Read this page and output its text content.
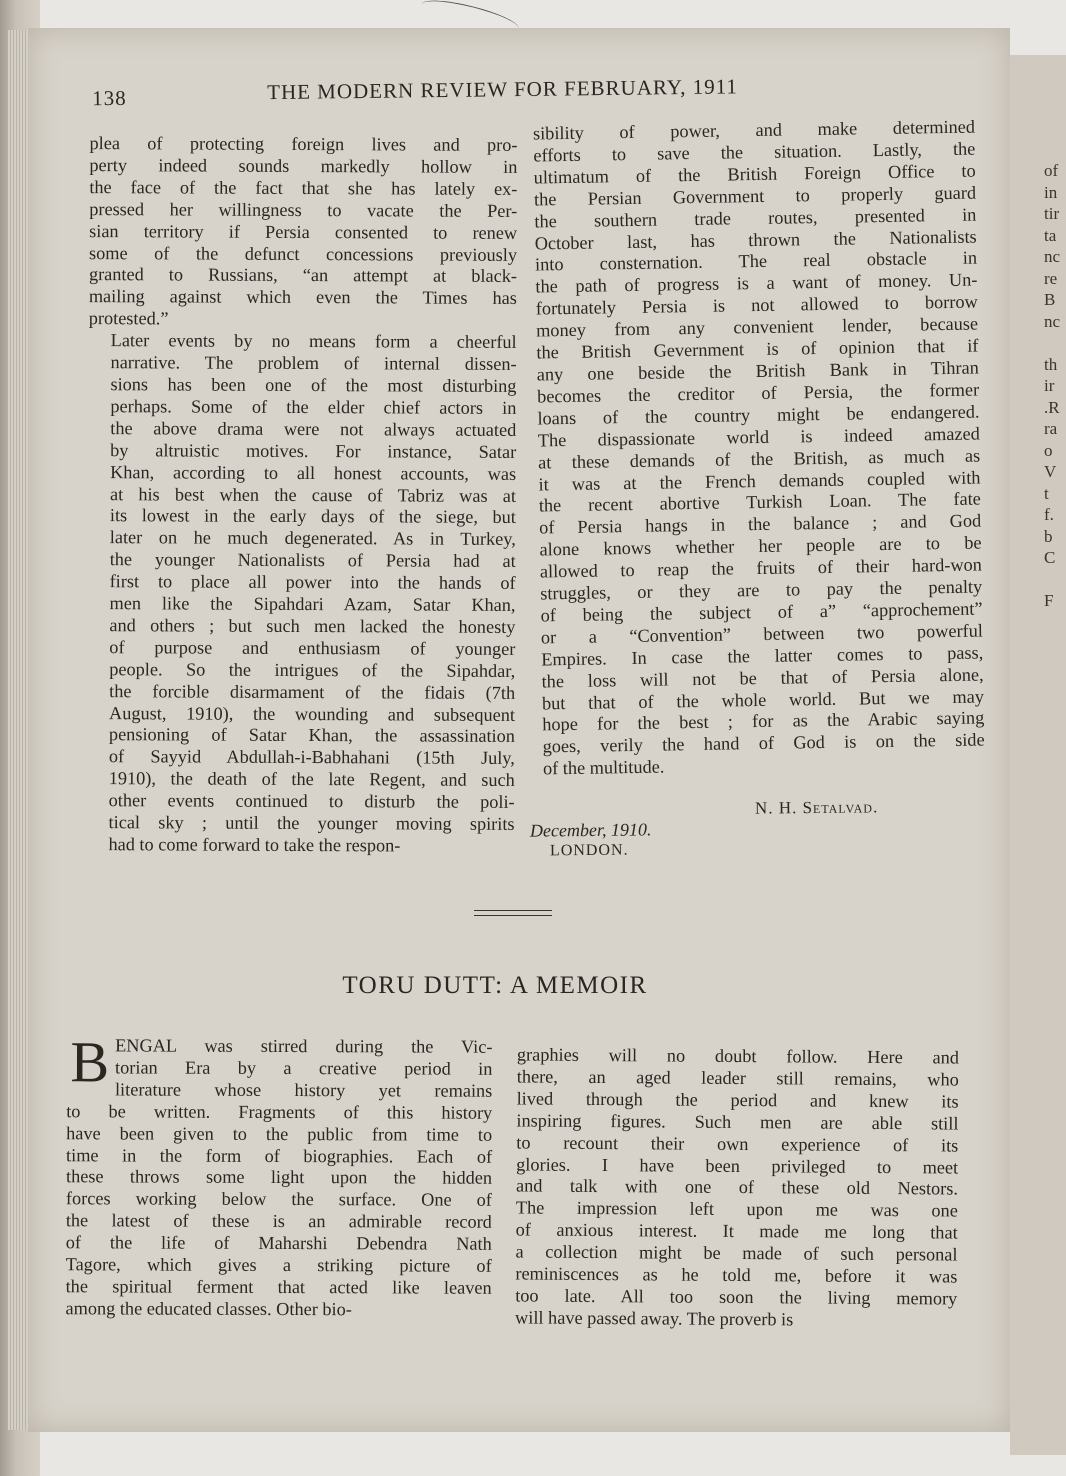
of
in
tir
ta
nc
re
B
nc

th
ir
.R
ra
o
V
t
f.
b
C

F

138	THE MODERN REVIEW FOR FEBRUARY, 1911

plea of protecting foreign lives and pro-
perty indeed sounds markedly hollow in
the face of the fact that she has lately ex-
pressed her willingness to vacate the Per-
sian territory if Persia consented to renew
some of the defunct concessions previously
granted to Russians, “an attempt at black-
mailing against which even the Times has
protested.”

Later events by no means form a cheerful
narrative. The problem of internal dissen-
sions has been one of the most disturbing
perhaps. Some of the elder chief actors in
the above drama were not always actuated
by altruistic motives. For instance, Satar
Khan, according to all honest accounts, was
at his best when the cause of Tabriz was at
its lowest in the early days of the siege, but
later on he much degenerated. As in Turkey,
the younger Nationalists of Persia had at
first to place all power into the hands of
men like the Sipahdari Azam, Satar Khan,
and others ; but such men lacked the honesty
of purpose and enthusiasm of younger
people. So the intrigues of the Sipahdar,
the forcible disarmament of the fidais (7th
August, 1910), the wounding and subsequent
pensioning of Satar Khan, the assassination
of Sayyid Abdullah-i-Babhahani (15th July,
1910), the death of the late Regent, and such
other events continued to disturb the poli-
tical sky ; until the younger moving spirits
had to come forward to take the respon-

sibility of power, and make determined
efforts to save the situation. Lastly, the
ultimatum of the British Foreign Office to
the Persian Government to properly guard
the southern trade routes, presented in
October last, has thrown the Nationalists
into consternation. The real obstacle in
the path of progress is a want of money. Un-
fortunately Persia is not allowed to borrow
money from any convenient lender, because
the British Gevernment is of opinion that if
any one beside the British Bank in Tihran
becomes the creditor of Persia, the former
loans of the country might be endangered.
The dispassionate world is indeed amazed
at these demands of the British, as much as
it was at the French demands coupled with
the recent abortive Turkish Loan. The fate
of Persia hangs in the balance ; and God
alone knows whether her people are to be
allowed to reap the fruits of their hard-won
struggles, or they are to pay the penalty
of being the subject of a” “approchement”
or a “Convention” between two powerful
Empires. In case the latter comes to pass,
the loss will not be that of Persia alone,
but that of the whole world. But we may
hope for the best ; for as the Arabic saying
goes, verily the hand of God is on the side
of the multitude.

N. H. Setalvad.
December, 1910.
LONDON.
TORU DUTT: A MEMOIR
B ENGAL was stirred during the Vic-
torian Era by a creative period in
literature whose history yet remains
to be written. Fragments of this history
have been given to the public from time to
time in the form of biographies. Each of
these throws some light upon the hidden
forces working below the surface. One of
the latest of these is an admirable record
of the life of Maharshi Debendra Nath
Tagore, which gives a striking picture of
the spiritual ferment that acted like leaven
among the educated classes. Other bio-

graphies will no doubt follow. Here and
there, an aged leader still remains, who
lived through the period and knew its
inspiring figures. Such men are able still
to recount their own experience of its
glories. I have been privileged to meet
and talk with one of these old Nestors.
The impression left upon me was one
of anxious interest. It made me long that
a collection might be made of such personal
reminiscences as he told me, before it was
too late. All too soon the living memory
will have passed away. The proverb is
